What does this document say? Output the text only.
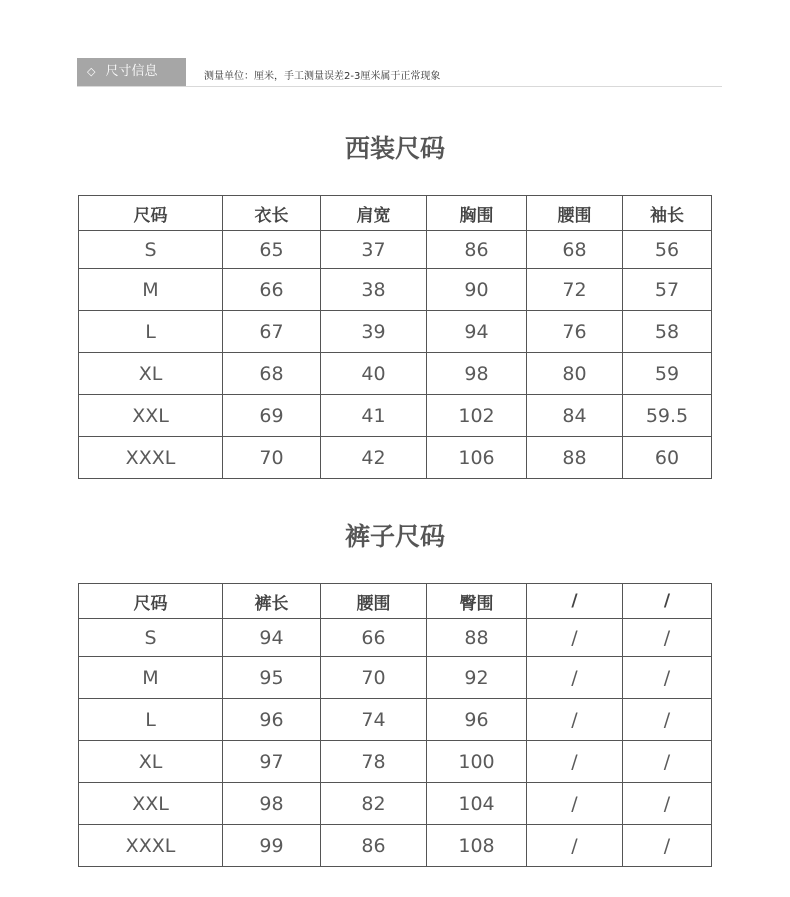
◇ 尺寸信息	测量单位：厘米，手工测量误差2-3厘米属于正常现象
西装尺码
尺码	衣长	肩宽	胸围	腰围	袖长
S	65	37	86	68	56
M	66	38	90	72	57
L	67	39	94	76	58
XL	68	40	98	80	59
XXL	69	41	102	84	59.5
XXXL	70	42	106	88	60
裤子尺码
尺码	裤长	腰围	臀围	/	/
S	94	66	88	/	/
M	95	70	92	/	/
L	96	74	96	/	/
XL	97	78	100	/	/
XXL	98	82	104	/	/
XXXL	99	86	108	/	/
